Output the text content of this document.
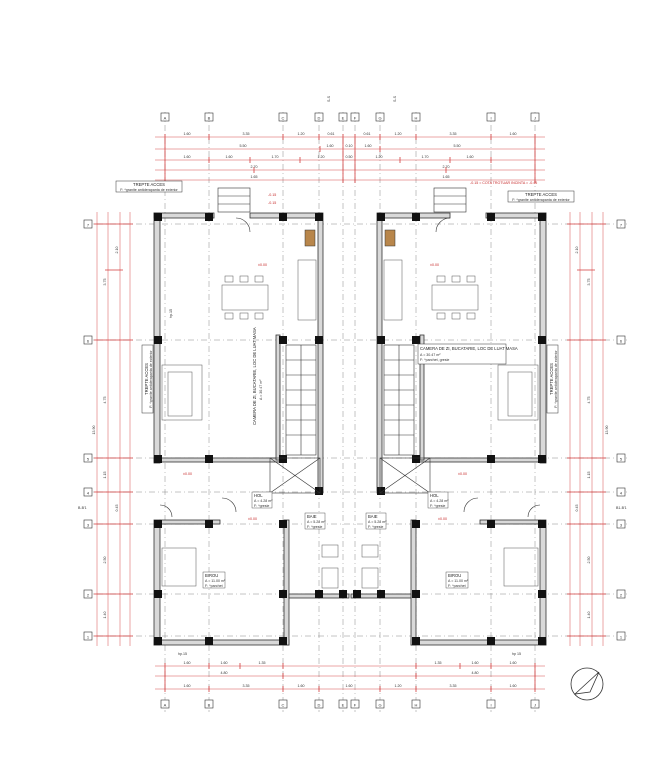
A	B	C	D	E F	G	H	I	J
A	B	C	D	E F	G	H	I	J
7
6
5
4
3
2
1
7
6
5
4
3
2
1
B-B'1	B1-B'1
S-S	S-S
1.60	3.35	1.20	0.61	0.61	1.20	3.35	1.60
5.50	1.60	0.10	1.60	5.50
1.60	1.60	1.70	1.20	0.50	1.20	1.70	1.60
2.70	2.70
1.65	1.65
1.60	1.60	1.35	1.35	1.60	1.60
4.80	4.80
1.60	3.35	1.60	1.60	1.20	3.35	1.60
2.10
3.75
4.75
1.15
0.45
2.50
1.40
13.90
2.10
3.75
4.75
1.15
0.45
2.50
1.40
13.90
TREPTE ACCES
F: *granite antiderapanta de exterior
TREPTE ACCES
F: *granite antiderapanta de exterior
TREPTE ACCES F: *granite antiderapanta de exterior	TREPTE ACCES F: *granite antiderapanta de exterior
-0.15 = COTA TROTUAR INCINTA = -0.45
CAMERA DE ZI, BUCATARIE, LOC DE LUAT MASA
A = 30.47 m²
F: *parchet, gresie
CAMERA DE ZI, BUCATARIE, LOC DE LUAT MASA A = 30.47 m²
HOL
A = 4.28 m²
F: *gresie
HOL
A = 4.28 m²
F: *gresie
BAIE
A = 5.28 m²
F: *gresie
BAIE
A = 5.28 m²
F: *gresie
BIROU
A = 11.00 m²
F: *parchet
BIROU
A = 11.00 m²
F: *parchet
±0.00	±0.00
-0.15
-0.15
±0.00	±0.00
±0.00	±0.00
hp.15
hp.15	hp 15
